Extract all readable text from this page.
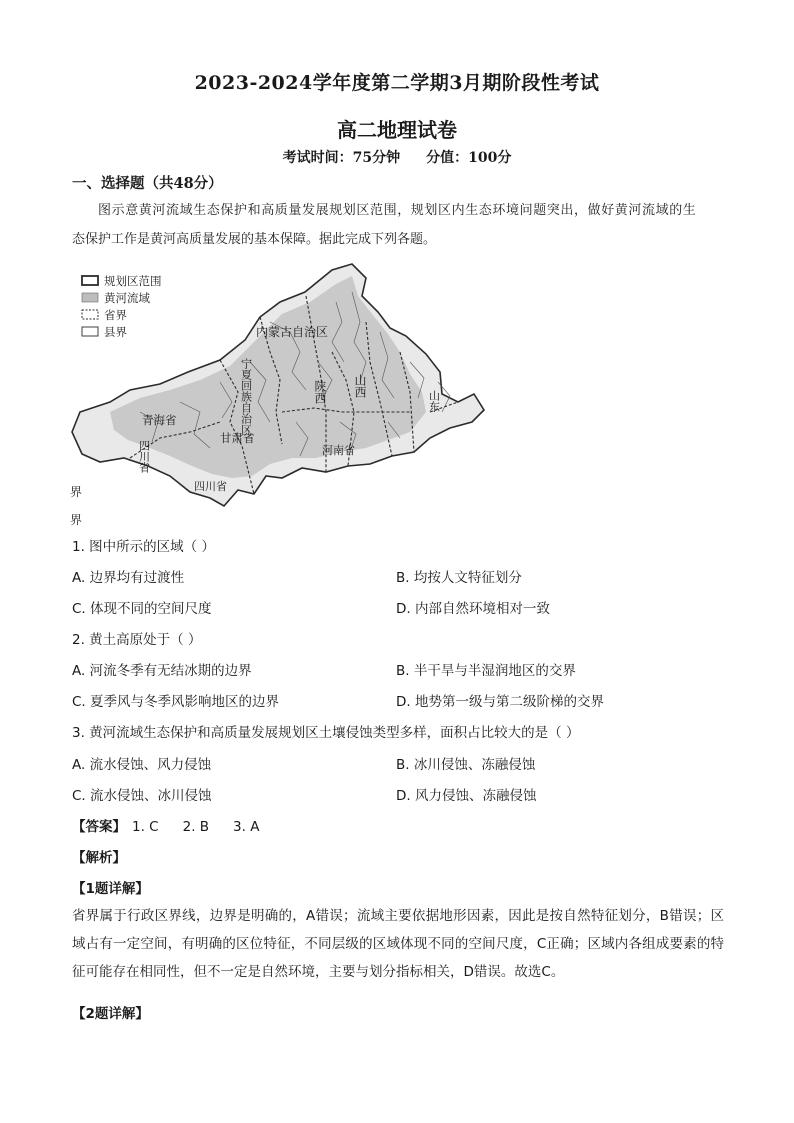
2023-2024学年度第二学期3月期阶段性考试
高二地理试卷
考试时间：75分钟 分值：100分
一、选择题（共48分）
图示意黄河流域生态保护和高质量发展规划区范围，规划区内生态环境问题突出，做好黄河流域的生
态保护工作是黄河高质量发展的基本保障。据此完成下列各题。
规划区范围
黄河流域
省界
县界	内蒙古自治区
青海省
甘肃省
河南省
四川省
界
界
宁夏回族自治区
四川省
陕西 山西
山东
1. 图中所示的区域（ ）
A. 边界均有过渡性	B. 均按人文特征划分
C. 体现不同的空间尺度	D. 内部自然环境相对一致
2. 黄土高原处于（ ）
A. 河流冬季有无结冰期的边界	B. 半干旱与半湿润地区的交界
C. 夏季风与冬季风影响地区的边界	D. 地势第一级与第二级阶梯的交界
3. 黄河流域生态保护和高质量发展规划区土壤侵蚀类型多样，面积占比较大的是（ ）
A. 流水侵蚀、风力侵蚀	B. 冰川侵蚀、冻融侵蚀
C. 流水侵蚀、冰川侵蚀	D. 风力侵蚀、冻融侵蚀
【答案】 1. C 2. B 3. A
【解析】
【1题详解】
省界属于行政区界线，边界是明确的，A错误；流域主要依据地形因素，因此是按自然特征划分，B错误；区域占有一定空间，有明确的区位特征，不同层级的区域体现不同的空间尺度，C正确；区域内各组成要素的特征可能存在相同性，但不一定是自然环境，主要与划分指标相关，D错误。故选C。
【2题详解】
